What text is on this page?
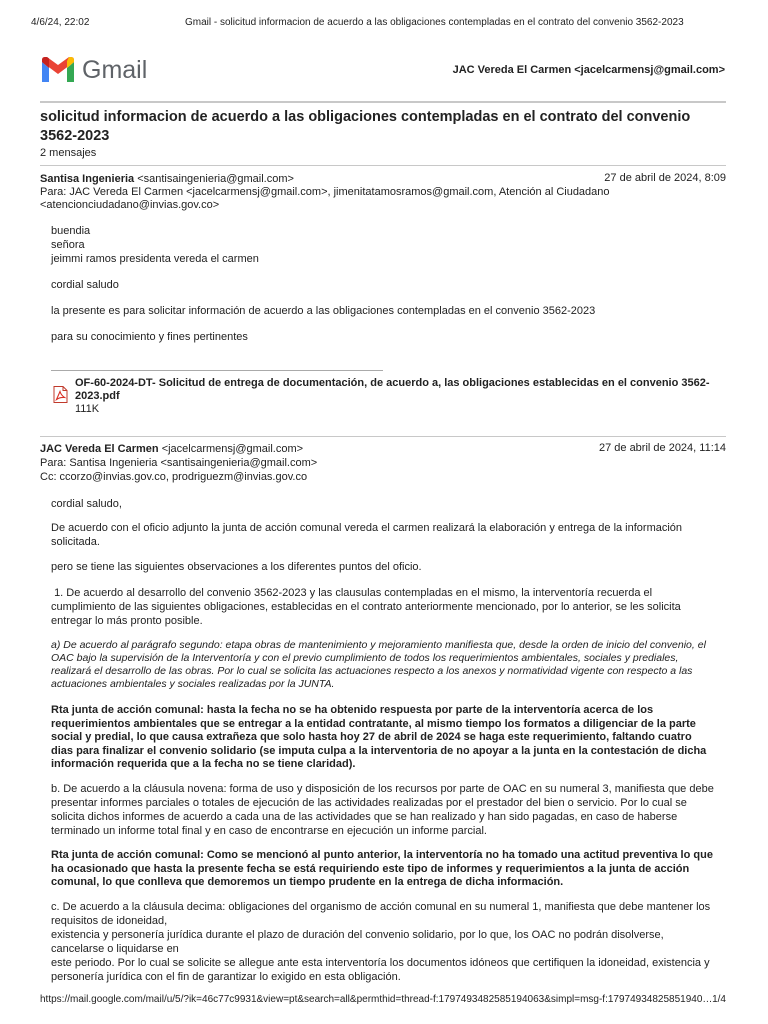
4/6/24, 22:02	Gmail - solicitud informacion de acuerdo a las obligaciones contempladas en el contrato del convenio 3562-2023
Gmail	JAC Vereda El Carmen <jacelcarmensj@gmail.com>
solicitud informacion de acuerdo a las obligaciones contempladas en el contrato del convenio 3562-2023
2 mensajes
Santisa Ingenieria <santisaingenieria@gmail.com>	27 de abril de 2024, 8:09
Para: JAC Vereda El Carmen <jacelcarmensj@gmail.com>, jimenitatamosramos@gmail.com, Atención al Ciudadano
<atencionciudadano@invias.gov.co>
buendia
señora
jeimmi ramos presidenta vereda el carmen
cordial saludo
la presente es para solicitar información de acuerdo a las obligaciones contempladas en el convenio 3562-2023
para su conocimiento y fines pertinentes
OF-60-2024-DT- Solicitud de entrega de documentación, de acuerdo a, las obligaciones establecidas en el convenio 3562-2023.pdf
111K
JAC Vereda El Carmen <jacelcarmensj@gmail.com>	27 de abril de 2024, 11:14
Para: Santisa Ingenieria <santisaingenieria@gmail.com>
Cc: ccorzo@invias.gov.co, prodriguezm@invias.gov.co
cordial saludo,
De acuerdo con el oficio adjunto la junta de acción comunal vereda el carmen realizará la elaboración y entrega de la información solicitada.
pero se tiene las siguientes observaciones a los diferentes puntos del oficio.
1. De acuerdo al desarrollo del convenio 3562-2023 y las clausulas contempladas en el mismo, la interventoría recuerda el cumplimiento de las siguientes obligaciones, establecidas en el contrato anteriormente mencionado, por lo anterior, se les solicita entregar lo más pronto posible.
a) De acuerdo al parágrafo segundo: etapa obras de mantenimiento y mejoramiento manifiesta que, desde la orden de inicio del convenio, el OAC bajo la supervisión de la Interventoría y con el previo cumplimiento de todos los requerimientos ambientales, sociales y prediales, realizará el desarrollo de las obras. Por lo cual se solicita las actuaciones respecto a los anexos y normatividad vigente con respecto a las actuaciones ambientales y sociales realizadas por la JUNTA.
Rta junta de acción comunal: hasta la fecha no se ha obtenido respuesta por parte de la interventoría acerca de los requerimientos ambientales que se entregar a la entidad contratante, al mismo tiempo los formatos a diligenciar de la parte social y predial, lo que causa extrañeza que solo hasta hoy 27 de abril de 2024 se haga este requerimiento, faltando cuatro dias para finalizar el convenio solidario (se imputa culpa a la interventoria de no apoyar a la junta en la contestación de dicha información requerida que a la fecha no se tiene claridad).
b. De acuerdo a la cláusula novena: forma de uso y disposición de los recursos por parte de OAC en su numeral 3, manifiesta que debe presentar informes parciales o totales de ejecución de las actividades realizadas por el prestador del bien o servicio. Por lo cual se solicita dichos informes de acuerdo a cada una de las actividades que se han realizado y han sido pagadas, en caso de haberse terminado un informe total final y en caso de encontrarse en ejecución un informe parcial.
Rta junta de acción comunal: Como se mencionó al punto anterior, la interventoría no ha tomado una actitud preventiva lo que ha ocasionado que hasta la presente fecha se está requiriendo este tipo de informes y requerimientos a la junta de acción comunal, lo que conlleva que demoremos un tiempo prudente en la entrega de dicha información.

c. De acuerdo a la cláusula decima: obligaciones del organismo de acción comunal en su numeral 1, manifiesta que debe mantener los requisitos de idoneidad,

existencia y personería jurídica durante el plazo de duración del convenio solidario, por lo que, los OAC no podrán disolverse, cancelarse o liquidarse en

este periodo. Por lo cual se solicite se allegue ante esta interventoría los documentos idóneos que certifiquen la idoneidad, existencia y personería jurídica con el fin de garantizar lo exigido en esta obligación.

https://mail.google.com/mail/u/5/?ik=46c77c9931&view=pt&search=all&permthid=thread-f:1797493482585194063&simpl=msg-f:17974934825851940… 1/4
